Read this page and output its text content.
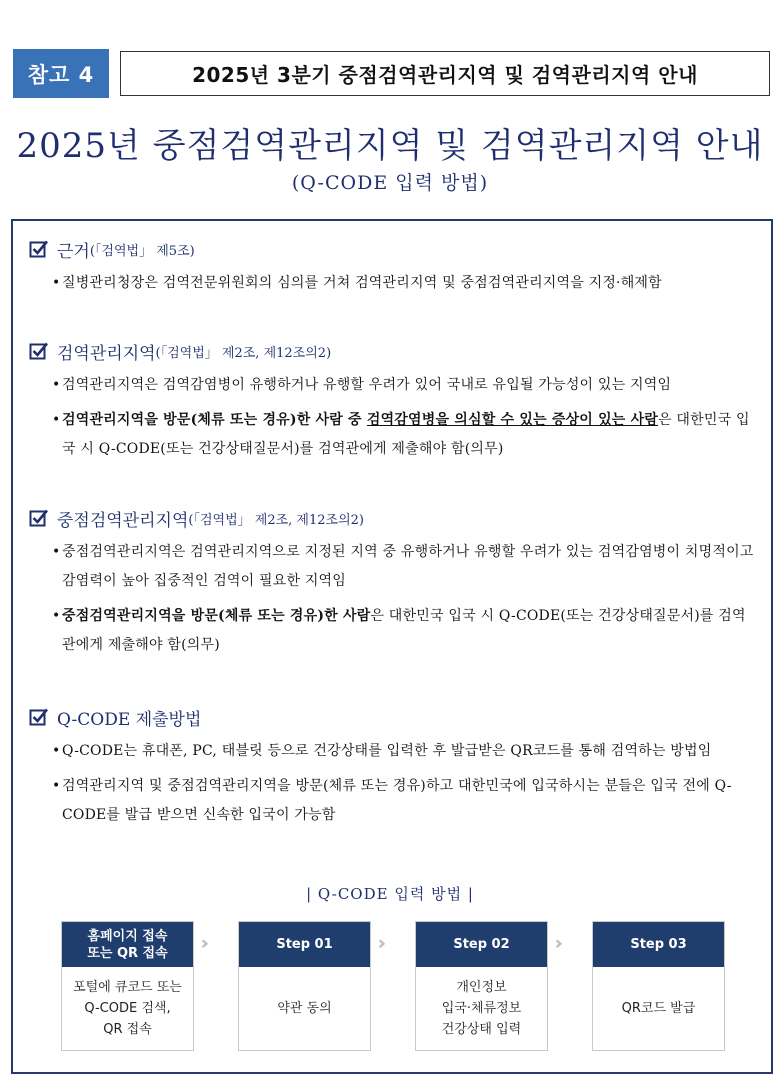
참고 4	2025년 3분기 중점검역관리지역 및 검역관리지역 안내
2025년 중점검역관리지역 및 검역관리지역 안내
(Q-CODE 입력 방법)
근거 (「검역법」 제5조)
• 질병관리청장은 검역전문위원회의 심의를 거쳐 검역관리지역 및 중점검역관리지역을 지정·해제함
검역관리지역 (「검역법」 제2조, 제12조의2)
• 검역관리지역은 검역감염병이 유행하거나 유행할 우려가 있어 국내로 유입될 가능성이 있는 지역임
• 검역관리지역을 방문(체류 또는 경유)한 사람 중 검역감염병을 의심할 수 있는 증상이 있는 사람은 대한민국 입국 시 Q-CODE(또는 건강상태질문서)를 검역관에게 제출해야 함(의무)
중점검역관리지역 (「검역법」 제2조, 제12조의2)
• 중점검역관리지역은 검역관리지역으로 지정된 지역 중 유행하거나 유행할 우려가 있는 검역감염병이 치명적이고 감염력이 높아 집중적인 검역이 필요한 지역임
• 중점검역관리지역을 방문(체류 또는 경유)한 사람은 대한민국 입국 시 Q-CODE(또는 건강상태질문서)를 검역관에게 제출해야 함(의무)
Q-CODE 제출방법
• Q-CODE는 휴대폰, PC, 태블릿 등으로 건강상태를 입력한 후 발급받은 QR코드를 통해 검역하는 방법임
• 검역관리지역 및 중점검역관리지역을 방문(체류 또는 경유)하고 대한민국에 입국하시는 분들은 입국 전에 Q-CODE를 발급 받으면 신속한 입국이 가능함
| Q-CODE 입력 방법 |
홈페이지 접속
또는 QR 접속
포털에 큐코드 또는
Q-CODE 검색,
QR 접속
Step 01
약관 동의
Step 02
개인정보
입국·체류정보
건강상태 입력
Step 03
QR코드 발급
